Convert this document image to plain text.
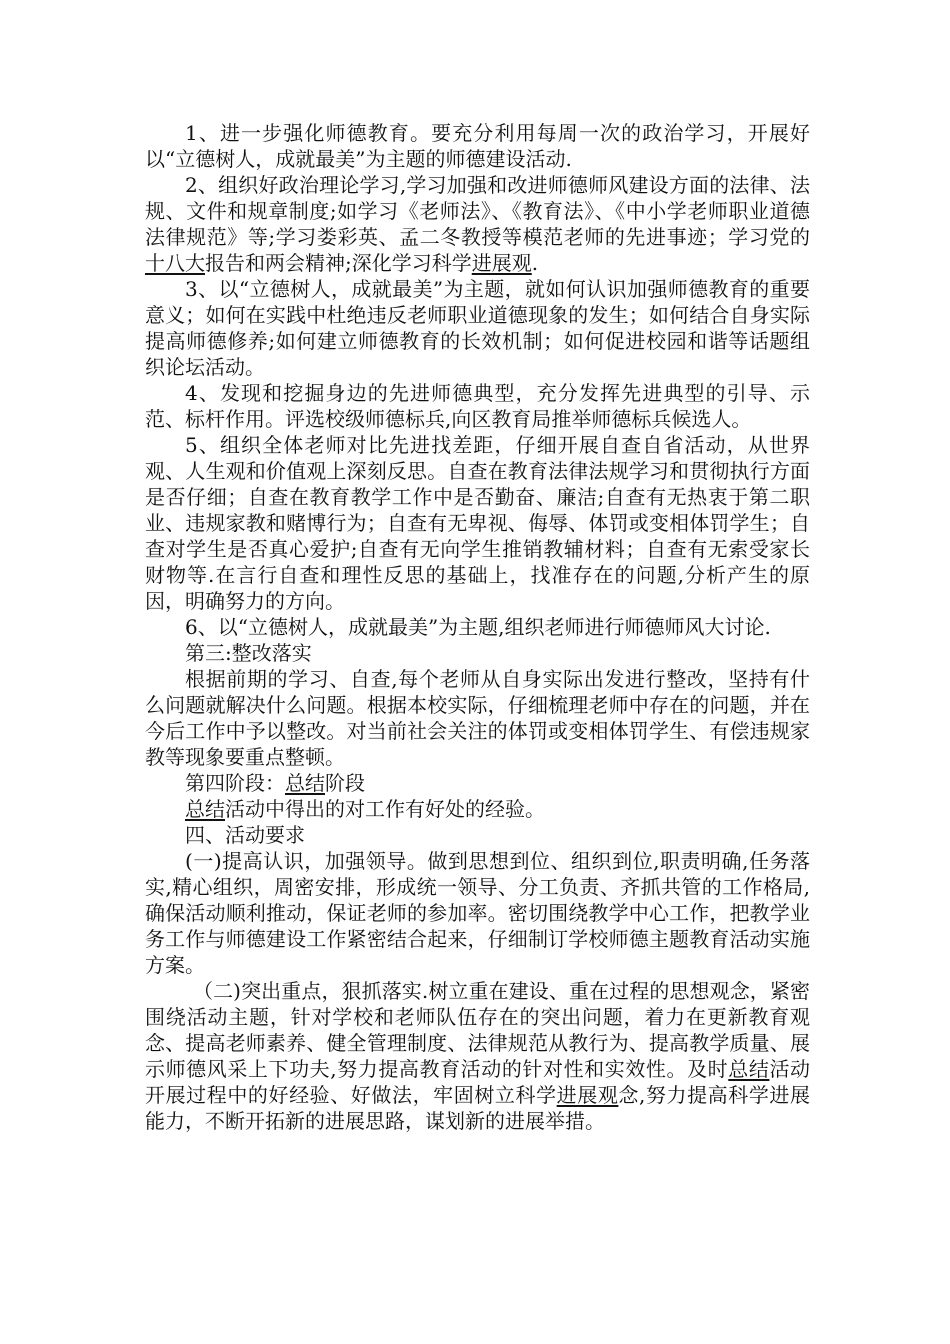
1、进一步强化师德教育。要充分利用每周一次的政治学习，开展好以“立德树人，成就最美”为主题的师德建设活动.

2、组织好政治理论学习,学习加强和改进师德师风建设方面的法律、法规、文件和规章制度;如学习《老师法》、《教育法》、《中小学老师职业道德法律规范》等;学习娄彩英、孟二冬教授等模范老师的先进事迹；学习党的十八大报告和两会精神;深化学习科学进展观.

3、以“立德树人，成就最美”为主题，就如何认识加强师德教育的重要意义；如何在实践中杜绝违反老师职业道德现象的发生；如何结合自身实际提高师德修养;如何建立师德教育的长效机制；如何促进校园和谐等话题组织论坛活动。

4、发现和挖掘身边的先进师德典型，充分发挥先进典型的引导、示范、标杆作用。评选校级师德标兵,向区教育局推举师德标兵候选人。

5、组织全体老师对比先进找差距，仔细开展自查自省活动，从世界观、人生观和价值观上深刻反思。自查在教育法律法规学习和贯彻执行方面是否仔细；自查在教育教学工作中是否勤奋、廉洁;自查有无热衷于第二职业、违规家教和赌博行为；自查有无卑视、侮辱、体罚或变相体罚学生；自查对学生是否真心爱护;自查有无向学生推销教辅材料；自查有无索受家长财物等.在言行自查和理性反思的基础上，找准存在的问题,分析产生的原因，明确努力的方向。

6、以“立德树人，成就最美”为主题,组织老师进行师德师风大讨论.

第三:整改落实

根据前期的学习、自查,每个老师从自身实际出发进行整改，坚持有什么问题就解决什么问题。根据本校实际，仔细梳理老师中存在的问题，并在今后工作中予以整改。对当前社会关注的体罚或变相体罚学生、有偿违规家教等现象要重点整顿。

第四阶段：总结阶段

总结活动中得出的对工作有好处的经验。

四、活动要求

(一)提高认识，加强领导。做到思想到位、组织到位,职责明确,任务落实,精心组织，周密安排，形成统一领导、分工负责、齐抓共管的工作格局,确保活动顺利推动，保证老师的参加率。密切围绕教学中心工作，把教学业务工作与师德建设工作紧密结合起来，仔细制订学校师德主题教育活动实施方案。

（二)突出重点，狠抓落实.树立重在建设、重在过程的思想观念，紧密围绕活动主题，针对学校和老师队伍存在的突出问题，着力在更新教育观念、提高老师素养、健全管理制度、法律规范从教行为、提高教学质量、展示师德风采上下功夫,努力提高教育活动的针对性和实效性。及时总结活动开展过程中的好经验、好做法，牢固树立科学进展观念,努力提高科学进展能力，不断开拓新的进展思路，谋划新的进展举措。
